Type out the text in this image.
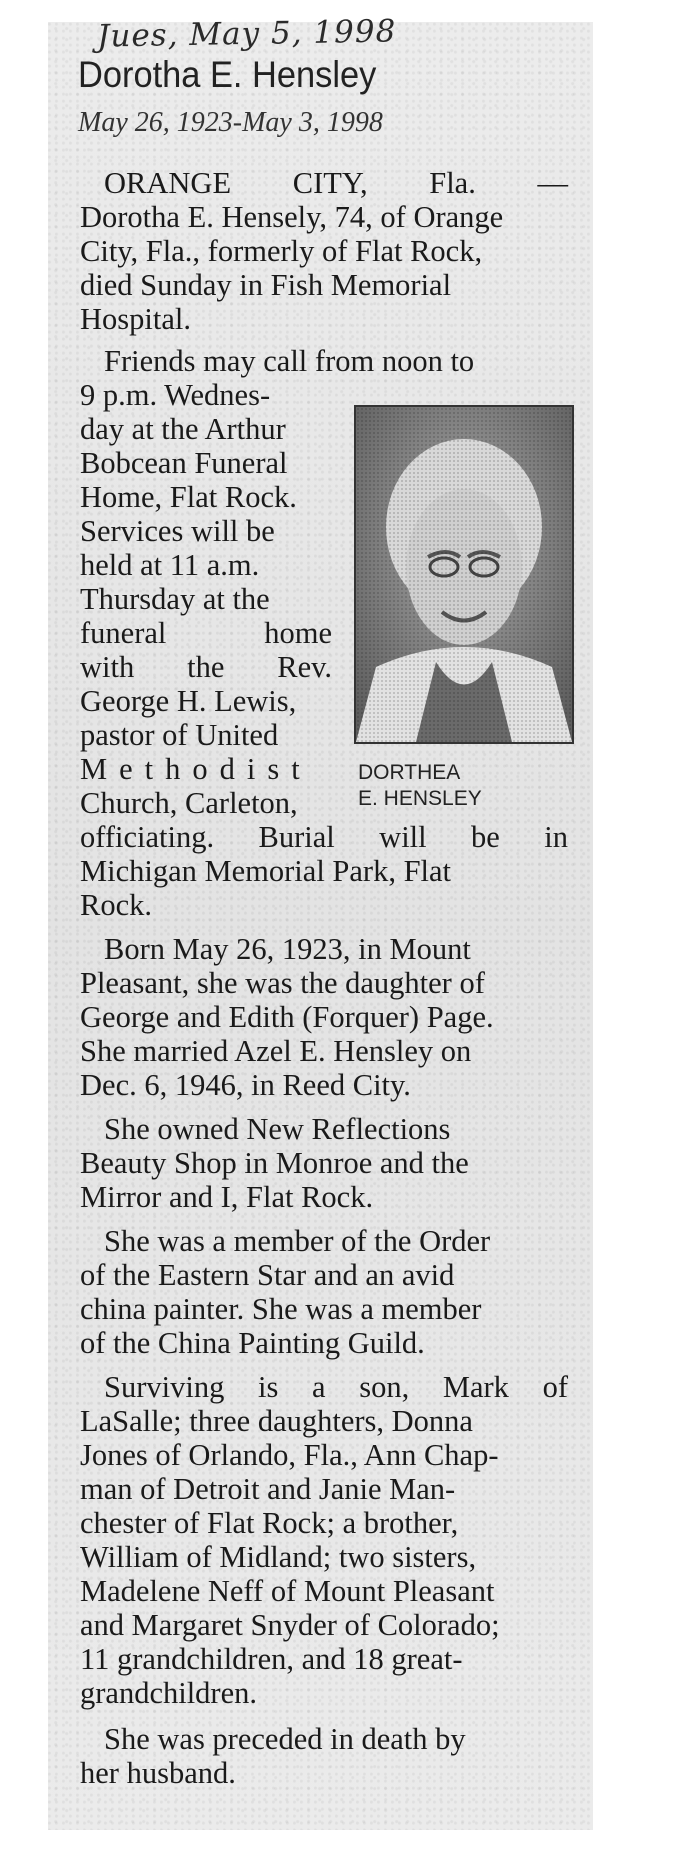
Jues, May 5, 1998
Dorotha E. Hensley
May 26, 1923-May 3, 1998
DORTHEA
E. HENSLEY
ORANGE CITY, Fla. —
Dorotha E. Hensely, 74, of Orange
City, Fla., formerly of Flat Rock,
died Sunday in Fish Memorial
Hospital.
Friends may call from noon to
9 p.m. Wednes-
day at the Arthur
Bobcean Funeral
Home, Flat Rock.
Services will be
held at 11 a.m.
Thursday at the
funeral home
with the Rev.
George H. Lewis,
pastor of United
Methodist
Church, Carleton,
officiating. Burial will be in
Michigan Memorial Park, Flat
Rock.
Born May 26, 1923, in Mount
Pleasant, she was the daughter of
George and Edith (Forquer) Page.
She married Azel E. Hensley on
Dec. 6, 1946, in Reed City.
She owned New Reflections
Beauty Shop in Monroe and the
Mirror and I, Flat Rock.
She was a member of the Order
of the Eastern Star and an avid
china painter. She was a member
of the China Painting Guild.
Surviving is a son, Mark of
LaSalle; three daughters, Donna
Jones of Orlando, Fla., Ann Chap-
man of Detroit and Janie Man-
chester of Flat Rock; a brother,
William of Midland; two sisters,
Madelene Neff of Mount Pleasant
and Margaret Snyder of Colorado;
11 grandchildren, and 18 great-
grandchildren.
She was preceded in death by
her husband.
